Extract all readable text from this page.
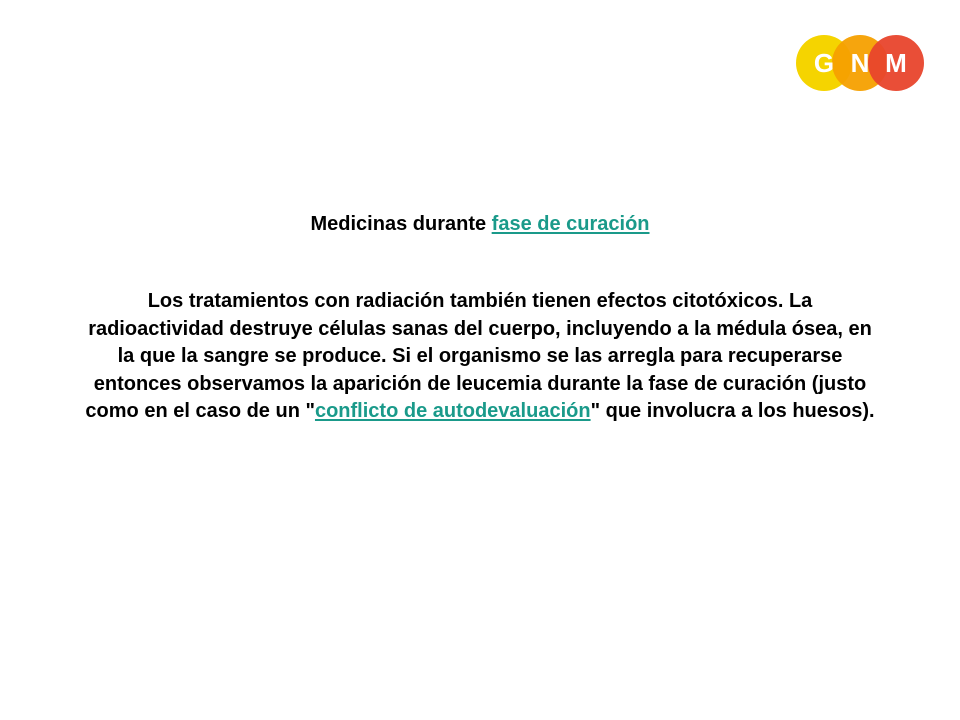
G N M
Medicinas durante fase de curación
Los tratamientos con radiación también tienen efectos citotóxicos. La radioactividad destruye células sanas del cuerpo, incluyendo a la médula ósea, en la que la sangre se produce. Si el organismo se las arregla para recuperarse entonces observamos la aparición de leucemia durante la fase de curación (justo como en el caso de un "conflicto de autodevaluación" que involucra a los huesos).
